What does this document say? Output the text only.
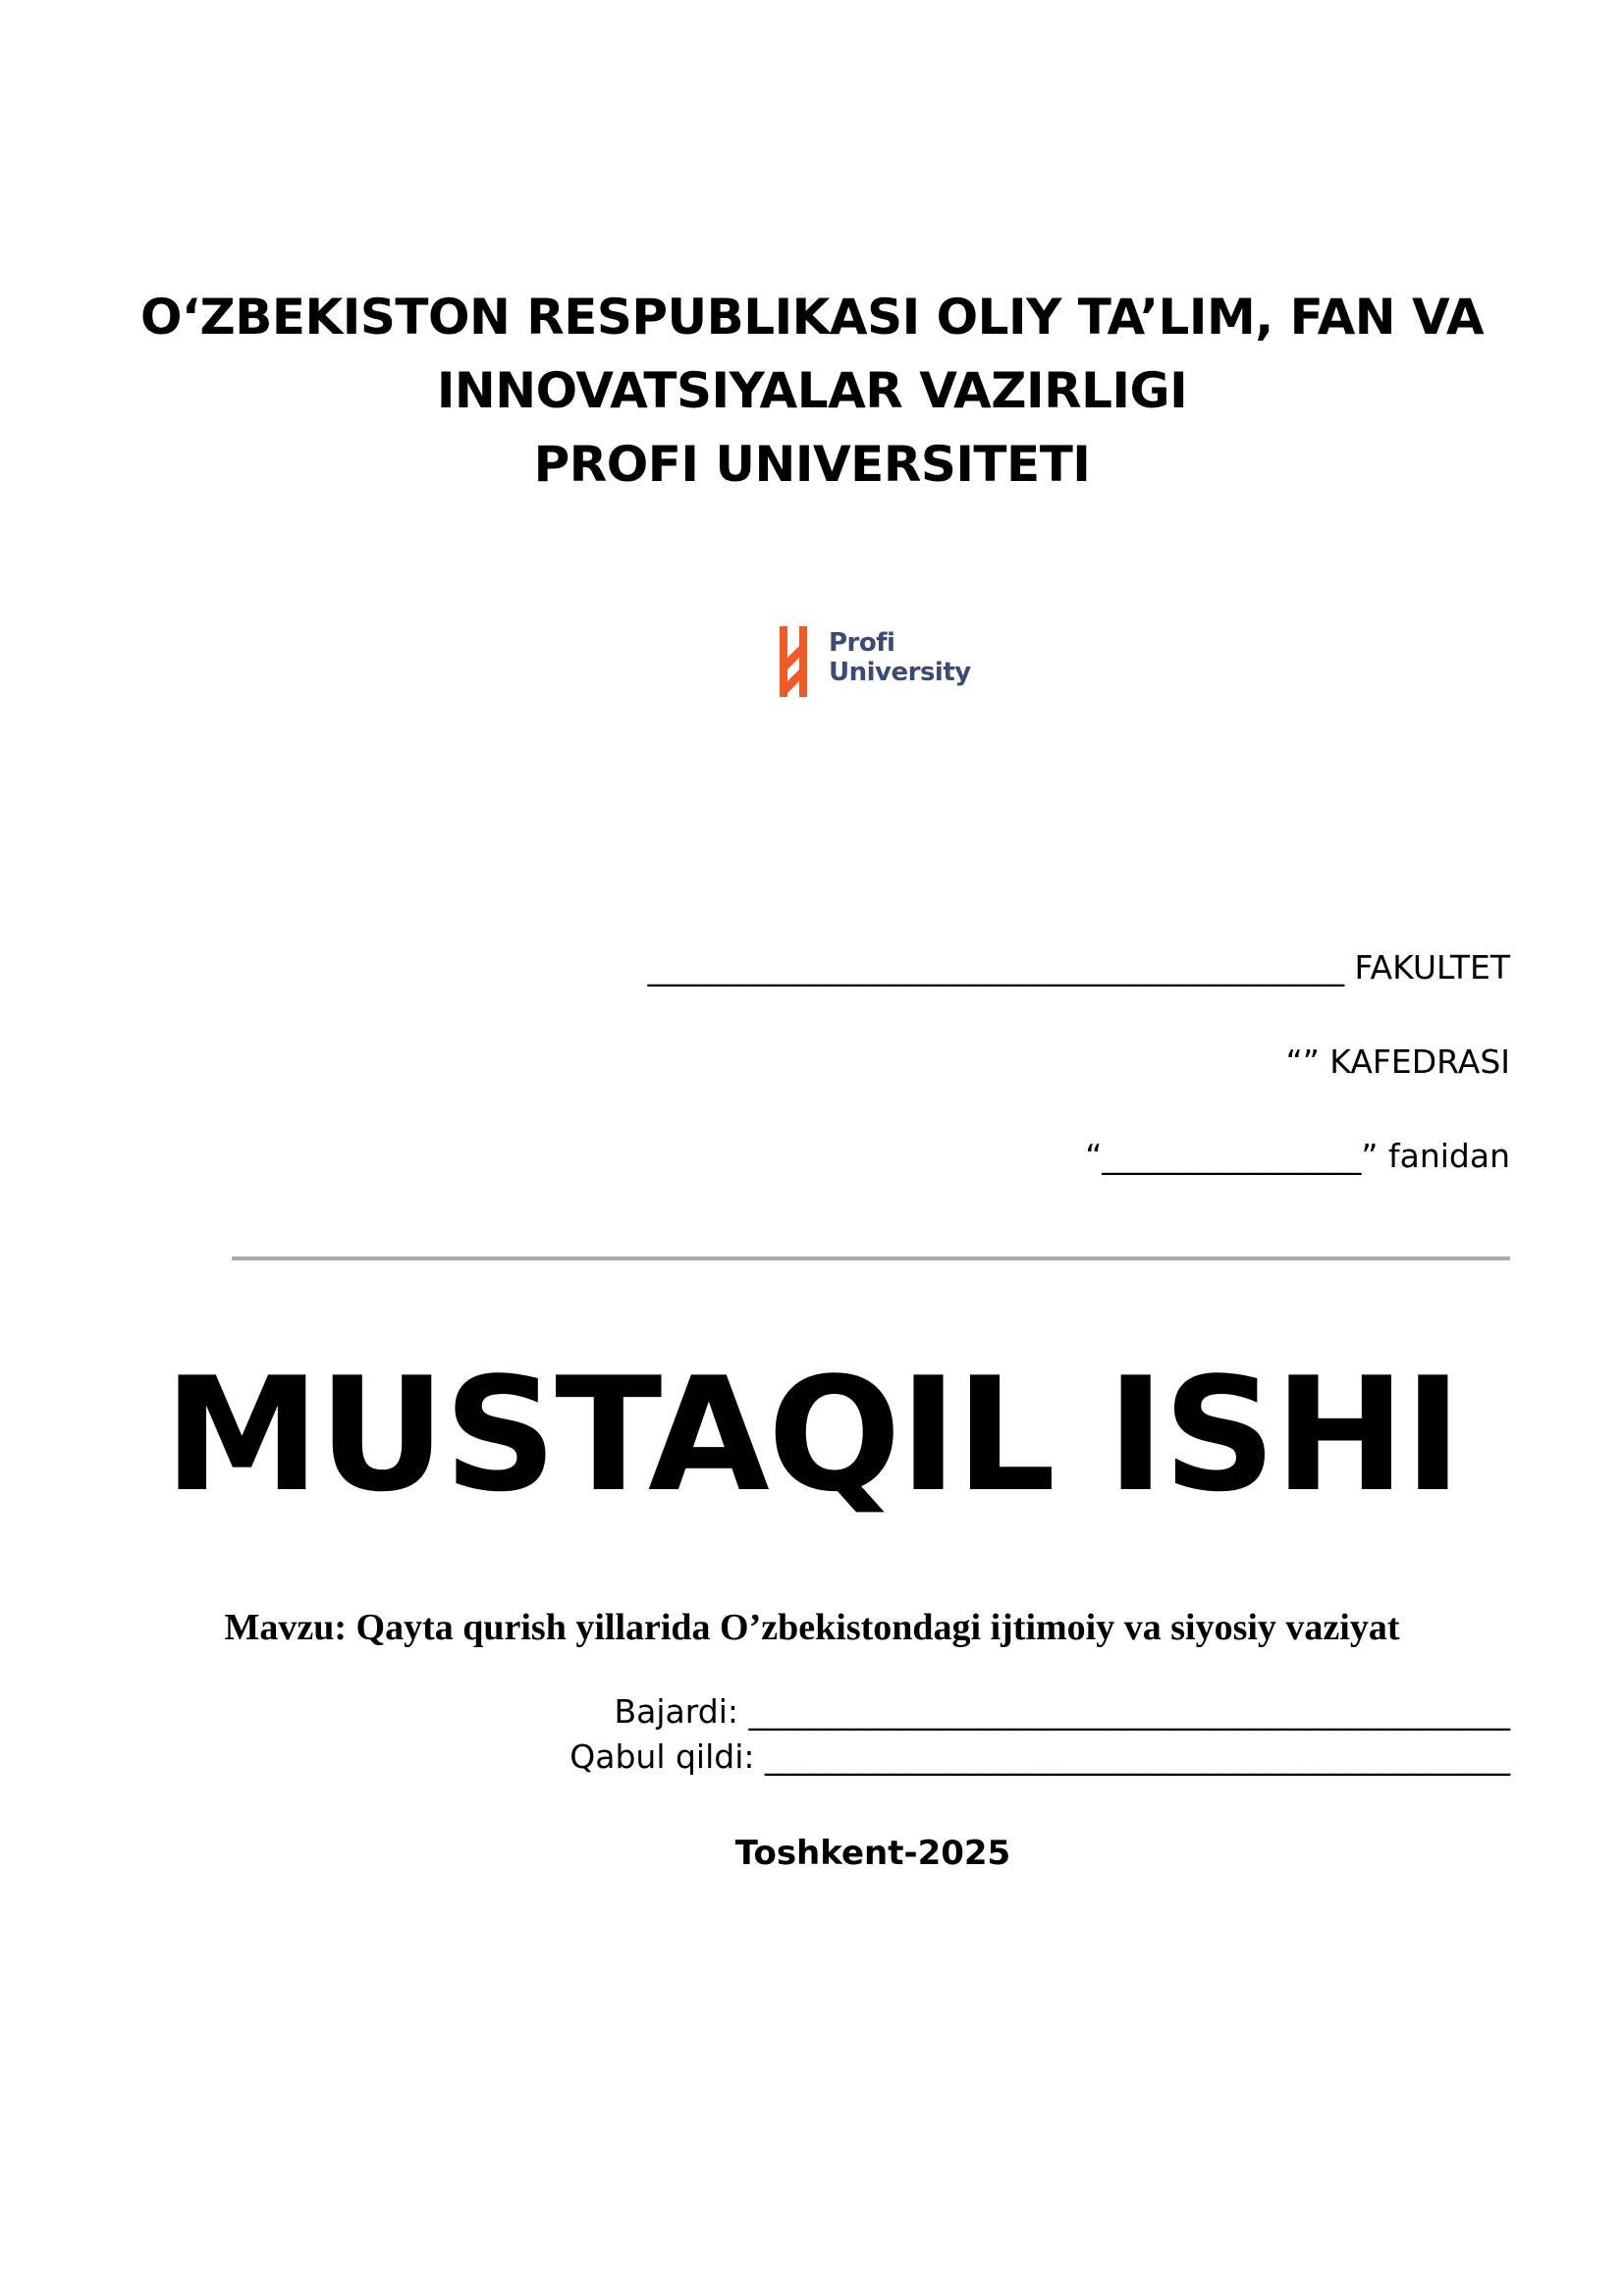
O‘ZBEKISTON RESPUBLIKASI OLIY TA’LIM, FAN VA
INNOVATSIYALAR VAZIRLIGI
PROFI UNIVERSITETI
Profi
University
___________________________________________ FAKULTET
“” KAFEDRASI
“________________” fanidan
MUSTAQIL ISHI
Mavzu: Qayta qurish yillarida O’zbekistondagi ijtimoiy va siyosiy vaziyat
Bajardi: _______________________________________________
Qabul qildi: ______________________________________________
Toshkent-2025
